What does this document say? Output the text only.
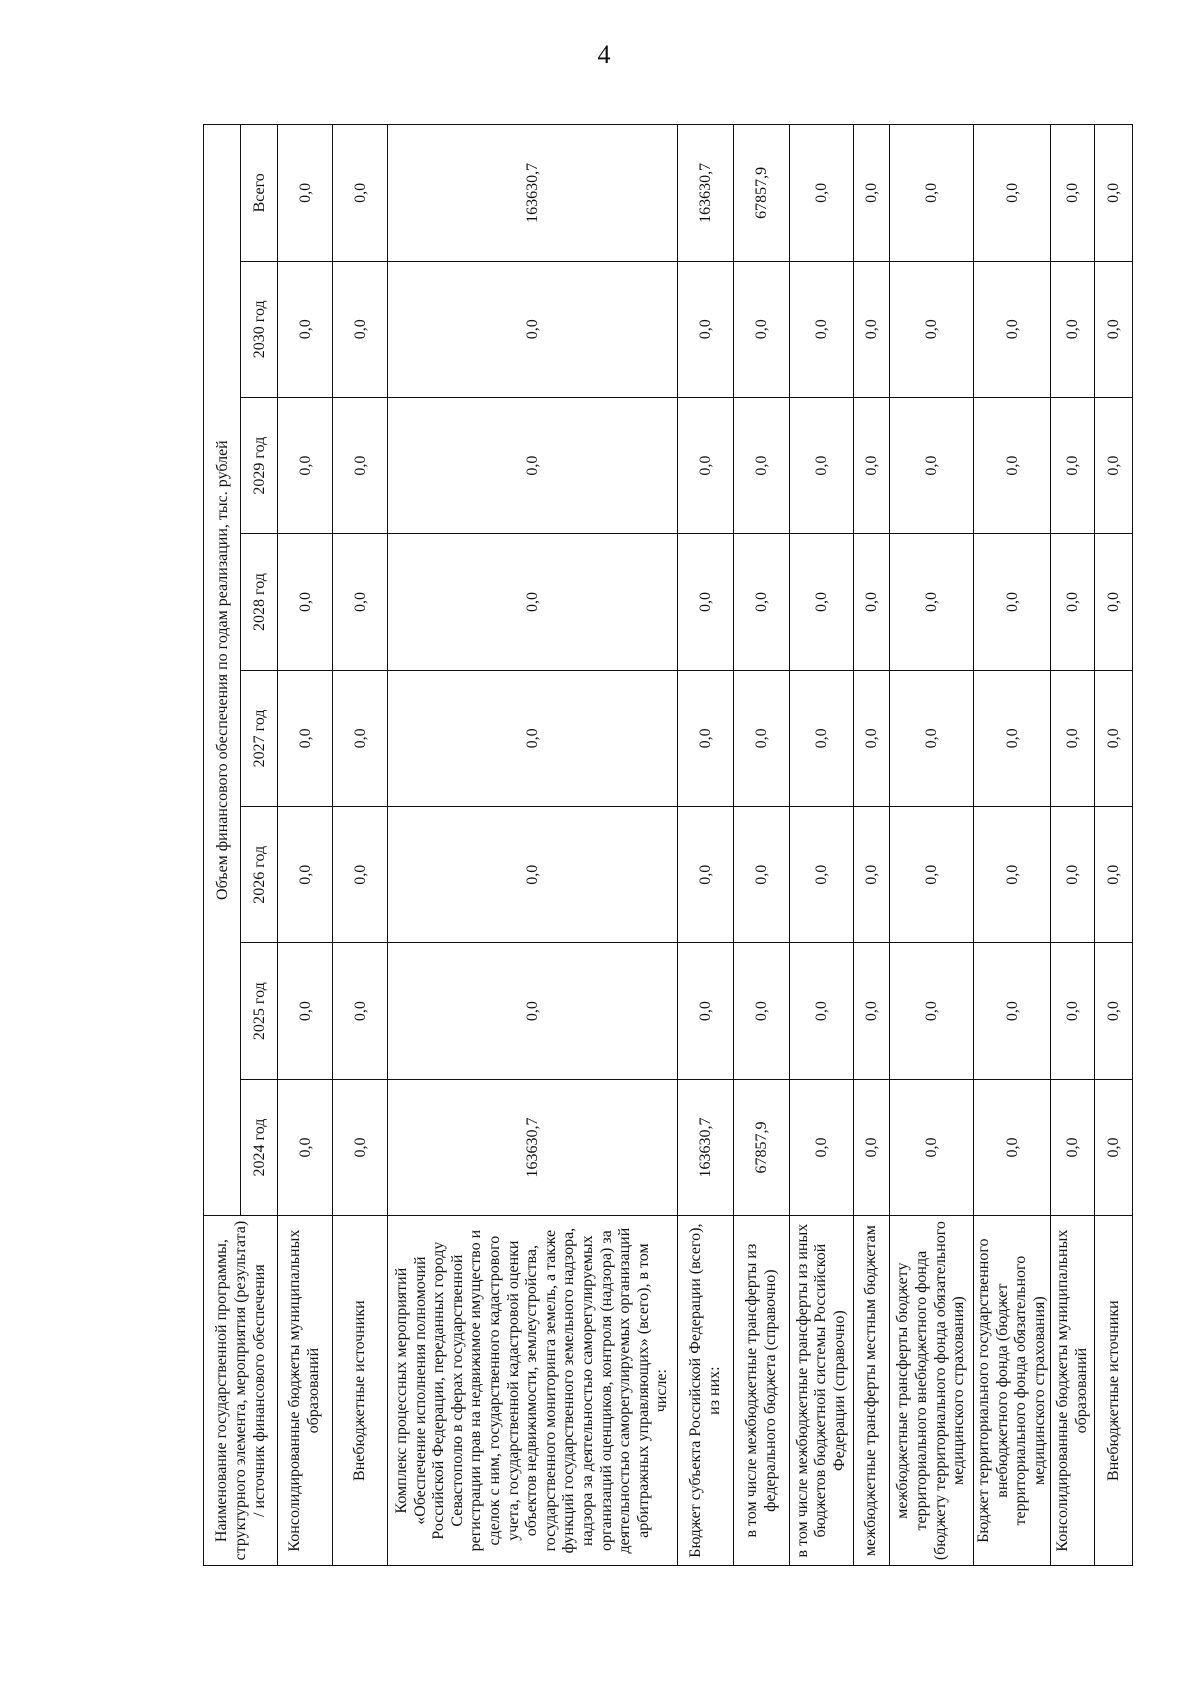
4
Наименование государственной программы, структурного элемента, мероприятия (результата) / источник финансового обеспечения	Объем финансового обеспечения по годам реализации, тыс. рублей							
	2024 год	2025 год	2026 год	2027 год	2028 год	2029 год	2030 год	Всего
Консолидированные бюджеты муниципальных образований	0,0	0,0	0,0	0,0	0,0	0,0	0,0	0,0
Внебюджетные источники	0,0	0,0	0,0	0,0	0,0	0,0	0,0	0,0
Комплекс процессных мероприятий «Обеспечение исполнения полномочий Российской Федерации, переданных городу Севастополю в сферах государственной регистрации прав на недвижимое имущество и сделок с ним, государственного кадастрового учета, государственной кадастровой оценки объектов недвижимости, землеустройства, государственного мониторинга земель, а также функций государственного земельного надзора, надзора за деятельностью саморегулируемых организаций оценщиков, контроля (надзора) за деятельностью саморегулируемых организаций арбитражных управляющих» (всего), в том числе:	163630,7	0,0	0,0	0,0	0,0	0,0	0,0	163630,7
Бюджет субъекта Российской Федерации (всего), из них:	163630,7	0,0	0,0	0,0	0,0	0,0	0,0	163630,7
в том числе межбюджетные трансферты из федерального бюджета (справочно)	67857,9	0,0	0,0	0,0	0,0	0,0	0,0	67857,9
в том числе межбюджетные трансферты из иных бюджетов бюджетной системы Российской Федерации (справочно)	0,0	0,0	0,0	0,0	0,0	0,0	0,0	0,0
межбюджетные трансферты местным бюджетам	0,0	0,0	0,0	0,0	0,0	0,0	0,0	0,0
межбюджетные трансферты бюджету территориального внебюджетного фонда (бюджету территориального фонда обязательного медицинского страхования)	0,0	0,0	0,0	0,0	0,0	0,0	0,0	0,0
Бюджет территориального государственного внебюджетного фонда (бюджет территориального фонда обязательного медицинского страхования)	0,0	0,0	0,0	0,0	0,0	0,0	0,0	0,0
Консолидированные бюджеты муниципальных образований	0,0	0,0	0,0	0,0	0,0	0,0	0,0	0,0
Внебюджетные источники	0,0	0,0	0,0	0,0	0,0	0,0	0,0	0,0
